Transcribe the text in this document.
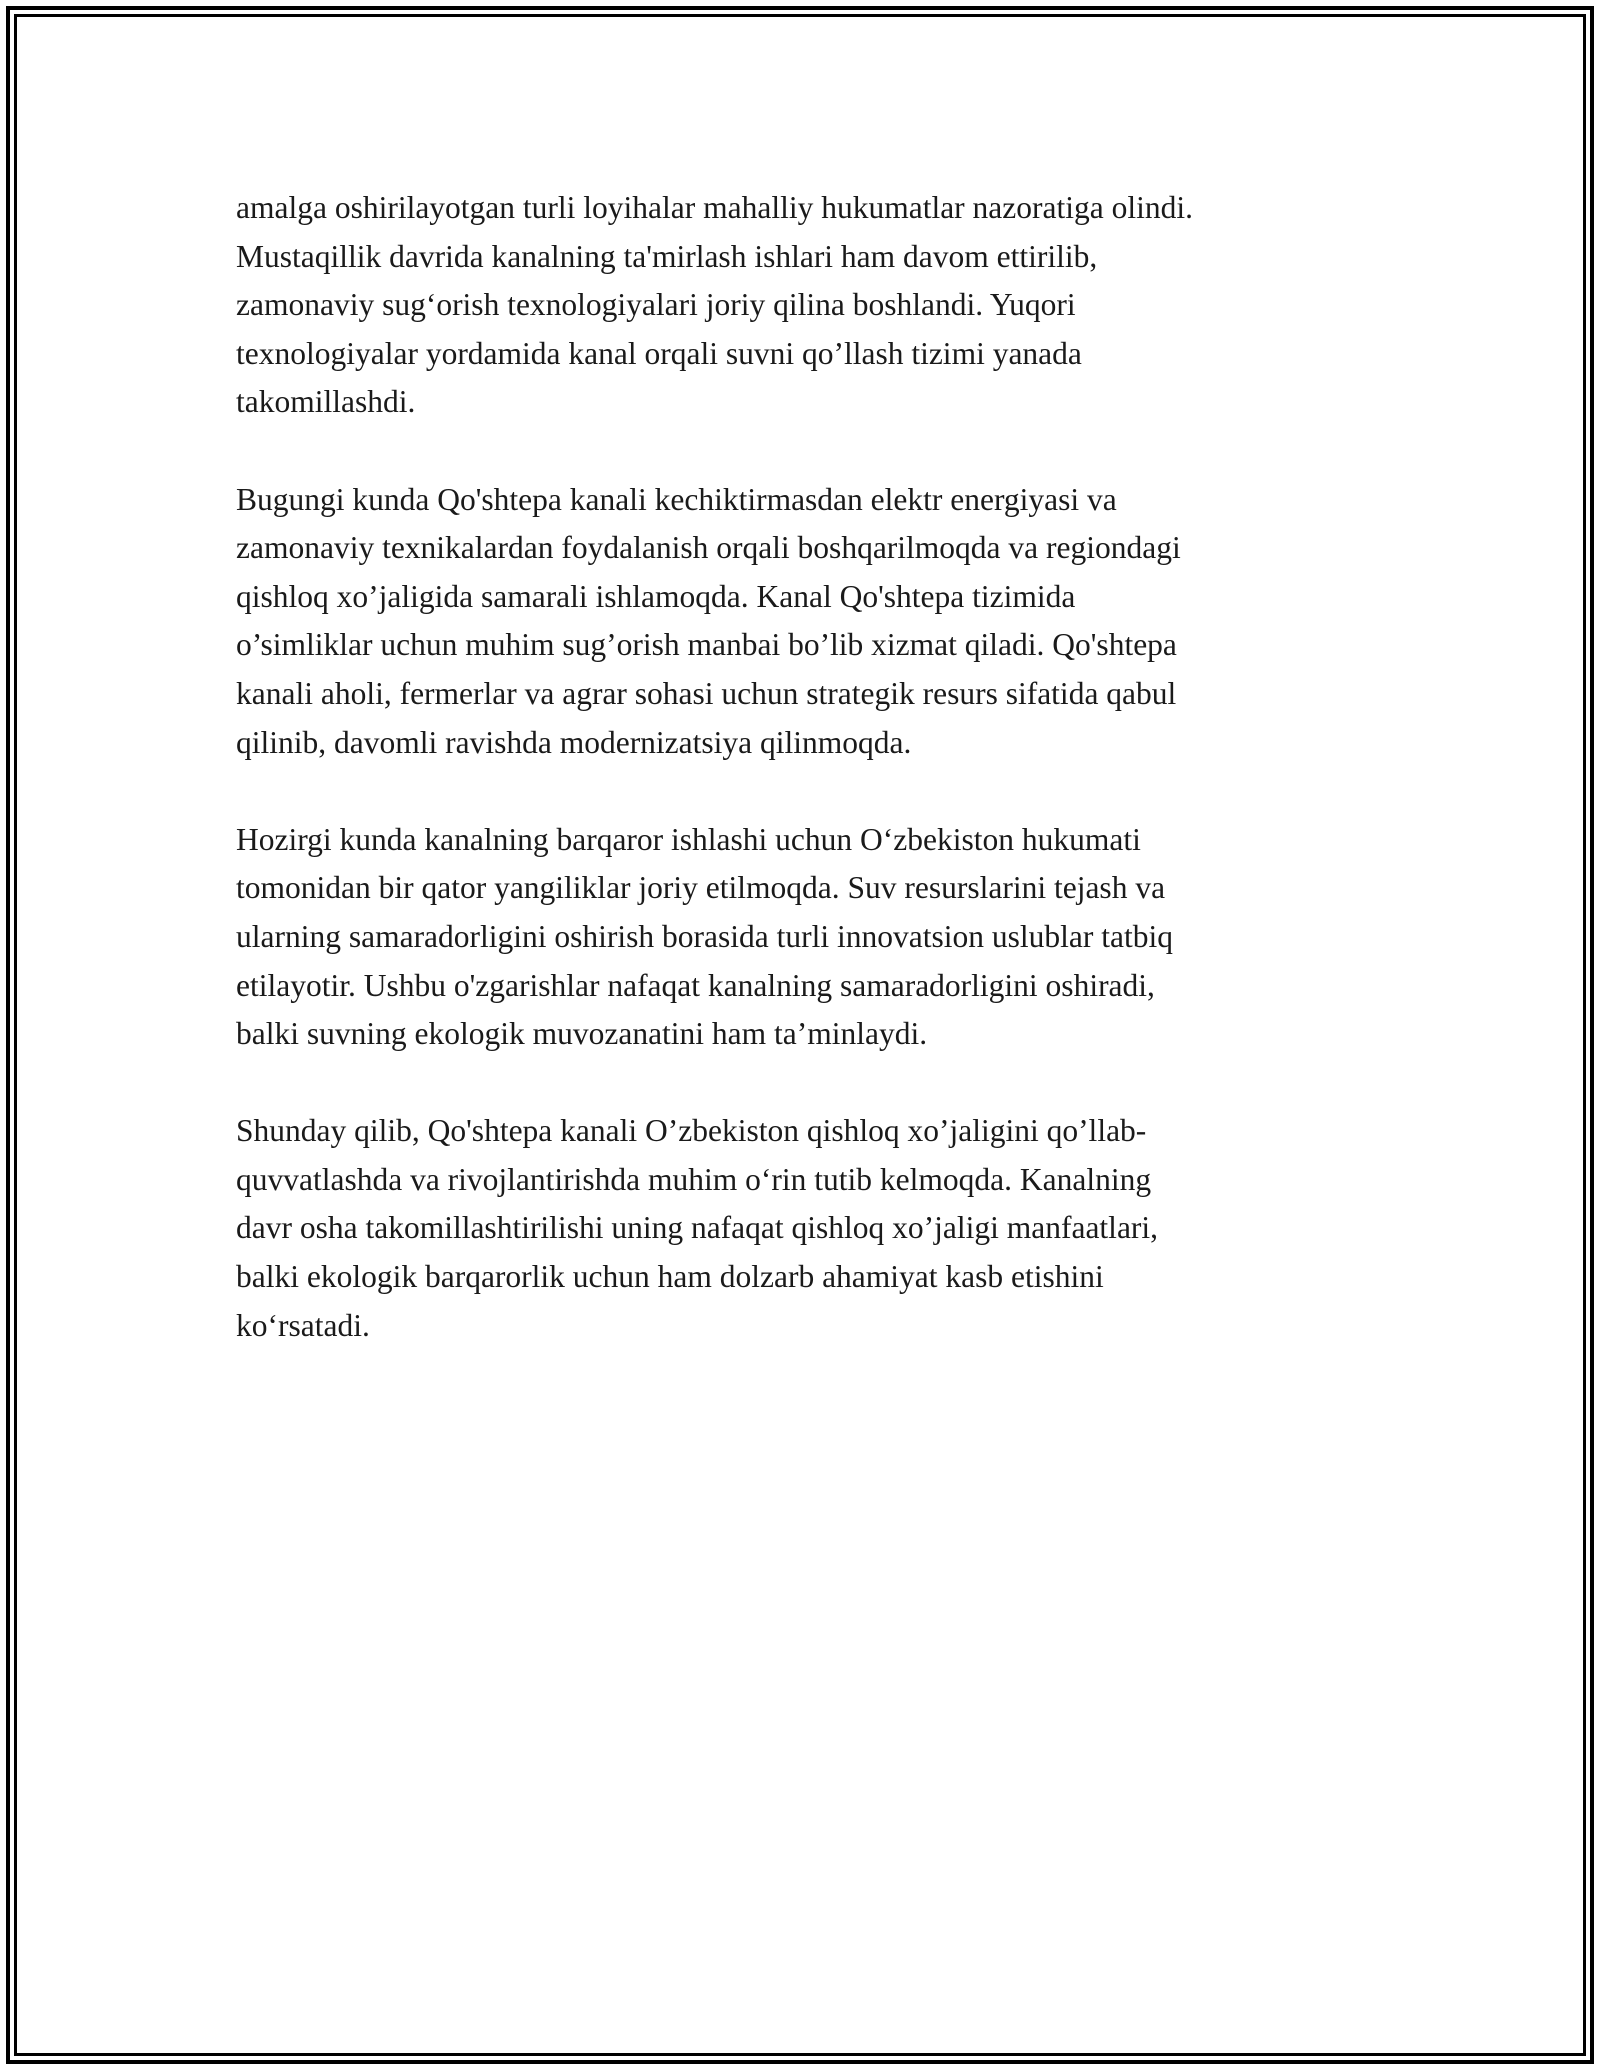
amalga oshirilayotgan turli loyihalar mahalliy hukumatlar nazoratiga olindi.
Mustaqillik davrida kanalning ta'mirlash ishlari ham davom ettirilib,
zamonaviy sug‘orish texnologiyalari joriy qilina boshlandi. Yuqori
texnologiyalar yordamida kanal orqali suvni qo’llash tizimi yanada
takomillashdi.

Bugungi kunda Qo'shtepa kanali kechiktirmasdan elektr energiyasi va
zamonaviy texnikalardan foydalanish orqali boshqarilmoqda va regiondagi
qishloq xo’jaligida samarali ishlamoqda. Kanal Qo'shtepa tizimida
o’simliklar uchun muhim sug’orish manbai bo’lib xizmat qiladi. Qo'shtepa
kanali aholi, fermerlar va agrar sohasi uchun strategik resurs sifatida qabul
qilinib, davomli ravishda modernizatsiya qilinmoqda.

Hozirgi kunda kanalning barqaror ishlashi uchun O‘zbekiston hukumati
tomonidan bir qator yangiliklar joriy etilmoqda. Suv resurslarini tejash va
ularning samaradorligini oshirish borasida turli innovatsion uslublar tatbiq
etilayotir. Ushbu o'zgarishlar nafaqat kanalning samaradorligini oshiradi,
balki suvning ekologik muvozanatini ham ta’minlaydi.

Shunday qilib, Qo'shtepa kanali O’zbekiston qishloq xo’jaligini qo’llab-
quvvatlashda va rivojlantirishda muhim o‘rin tutib kelmoqda. Kanalning
davr osha takomillashtirilishi uning nafaqat qishloq xo’jaligi manfaatlari,
balki ekologik barqarorlik uchun ham dolzarb ahamiyat kasb etishini
ko‘rsatadi.
